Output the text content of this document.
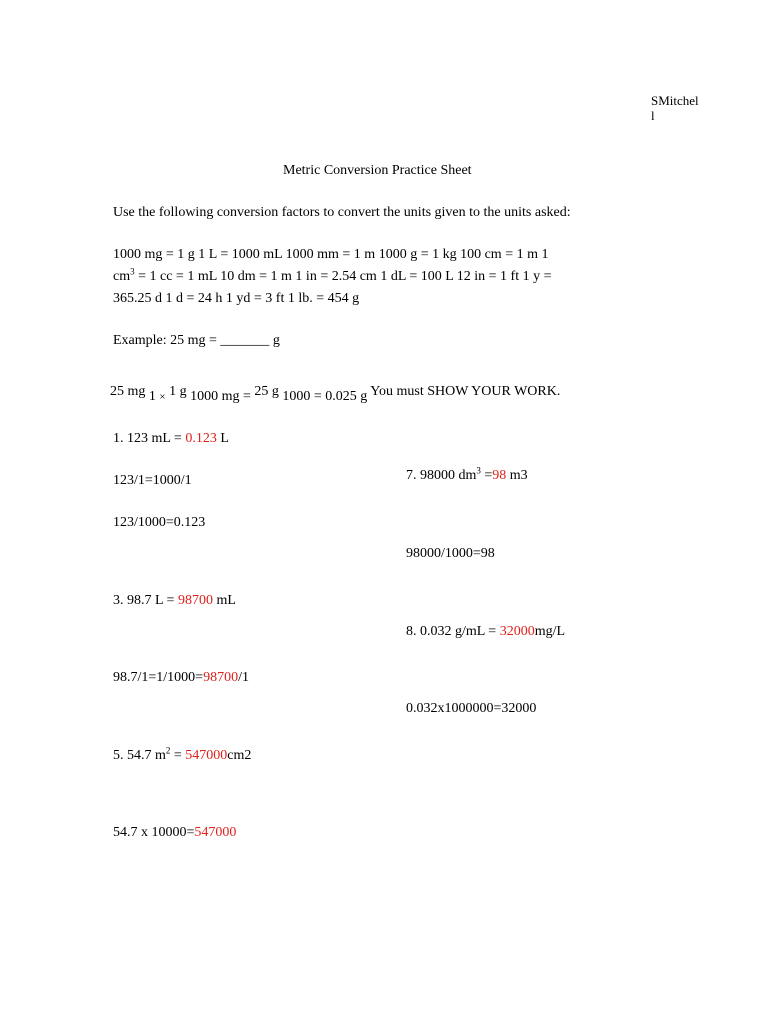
SMitchel
l
Metric Conversion Practice Sheet
Use the following conversion factors to convert the units given to the units asked:
1000 mg = 1 g 1 L = 1000 mL 1000 mm = 1 m 1000 g = 1 kg 100 cm = 1 m 1
$cm^3 = 1$ cc = 1 mL 10 dm = 1 m 1 in = 2.54 cm 1 dL = 100 L 12 in = 1 ft 1 y =
365.25 d 1 d = 24 h 1 yd = 3 ft 1 lb. = 454 g
Example: 25 mg = _______ g
25 mg 1 $_\times$ 1 g 1000 mg = 25 g 1000 = 0.025 g You must SHOW YOUR WORK.
1. 123 mL = 0.123 L
123/1=1000/1
123/1000=0.123
7. 98000 $dm^3 =98$ m3
98000/1000=98
3. 98.7 L = 98700 mL
8. 0.032 g/mL = 32000mg/L
98.7/1=1/1000=98700/1
0.032x1000000=32000
5. 54.7 $m^2 = 547000cm2$
54.7 x 10000=547000
